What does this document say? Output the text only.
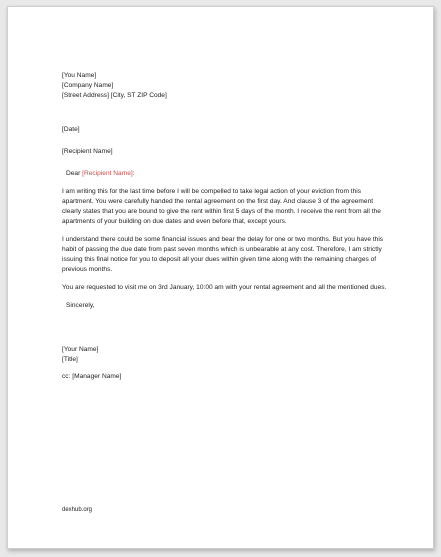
[You Name]
[Company Name]
[Street Address] [City, ST ZIP Code]
[Date]
[Recipient Name]
Dear [Recipient Name]:

I am writing this for the last time before I will be compelled to take legal action of your eviction from this apartment. You were carefully handed the rental agreement on the first day. And clause 3 of the agreement clearly states that you are bound to give the rent within first 5 days of the month. I receive the rent from all the apartments of your building on due dates and even before that, except yours.

I understand there could be some financial issues and bear the delay for one or two months. But you have this habit of passing the due date from past seven months which is unbearable at any cost. Therefore, I am strictly issuing this final notice for you to deposit all your dues within given time along with the remaining charges of previous months.

You are requested to visit me on 3rd January, 10:00 am with your rental agreement and all the mentioned dues.

Sincerely,
[Your Name]
[Title]
cc: [Manager Name]
dexhub.org
